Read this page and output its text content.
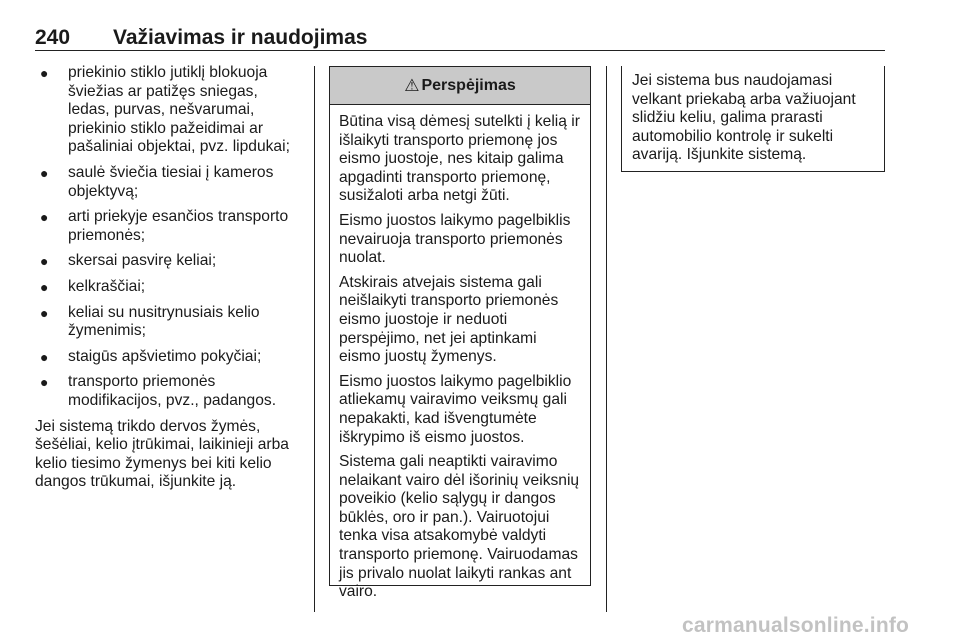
240 Važiavimas ir naudojimas
● priekinio stiklo jutiklį blokuoja šviežias ar patižęs sniegas, ledas, purvas, nešvarumai, priekinio stiklo pažeidimai ar pašaliniai objektai, pvz. lipdukai;
● saulė šviečia tiesiai į kameros objektyvą;
● arti priekyje esančios transporto priemonės;
● skersai pasvirę keliai;
● kelkraščiai;
● keliai su nusitrynusiais kelio žymenimis;
● staigūs apšvietimo pokyčiai;
● transporto priemonės modifikacijos, pvz., padangos.
Jei sistemą trikdo dervos žymės, šešėliai, kelio įtrūkimai, laikinieji arba kelio tiesimo žymenys bei kiti kelio dangos trūkumai, išjunkite ją.
⚠ Perspėjimas

Būtina visą dėmesį sutelkti į kelią ir išlaikyti transporto priemonę jos eismo juostoje, nes kitaip galima apgadinti transporto priemonę, susižaloti arba netgi žūti.

Eismo juostos laikymo pagelbiklis nevairuoja transporto priemonės nuolat.

Atskirais atvejais sistema gali neišlaikyti transporto priemonės eismo juostoje ir neduoti perspėjimo, net jei aptinkami eismo juostų žymenys.

Eismo juostos laikymo pagelbiklio atliekamų vairavimo veiksmų gali nepakakti, kad išvengtumėte iškrypimo iš eismo juostos.

Sistema gali neaptikti vairavimo nelaikant vairo dėl išorinių veiksnių poveikio (kelio sąlygų ir dangos būklės, oro ir pan.). Vairuotojui tenka visa atsakomybė valdyti transporto priemonę. Vairuodamas jis privalo nuolat laikyti rankas ant vairo.

Jei sistema bus naudojamasi velkant priekabą arba važiuojant slidžiu keliu, galima prarasti automobilio kontrolę ir sukelti avariją. Išjunkite sistemą.
carmanualsonline.info
